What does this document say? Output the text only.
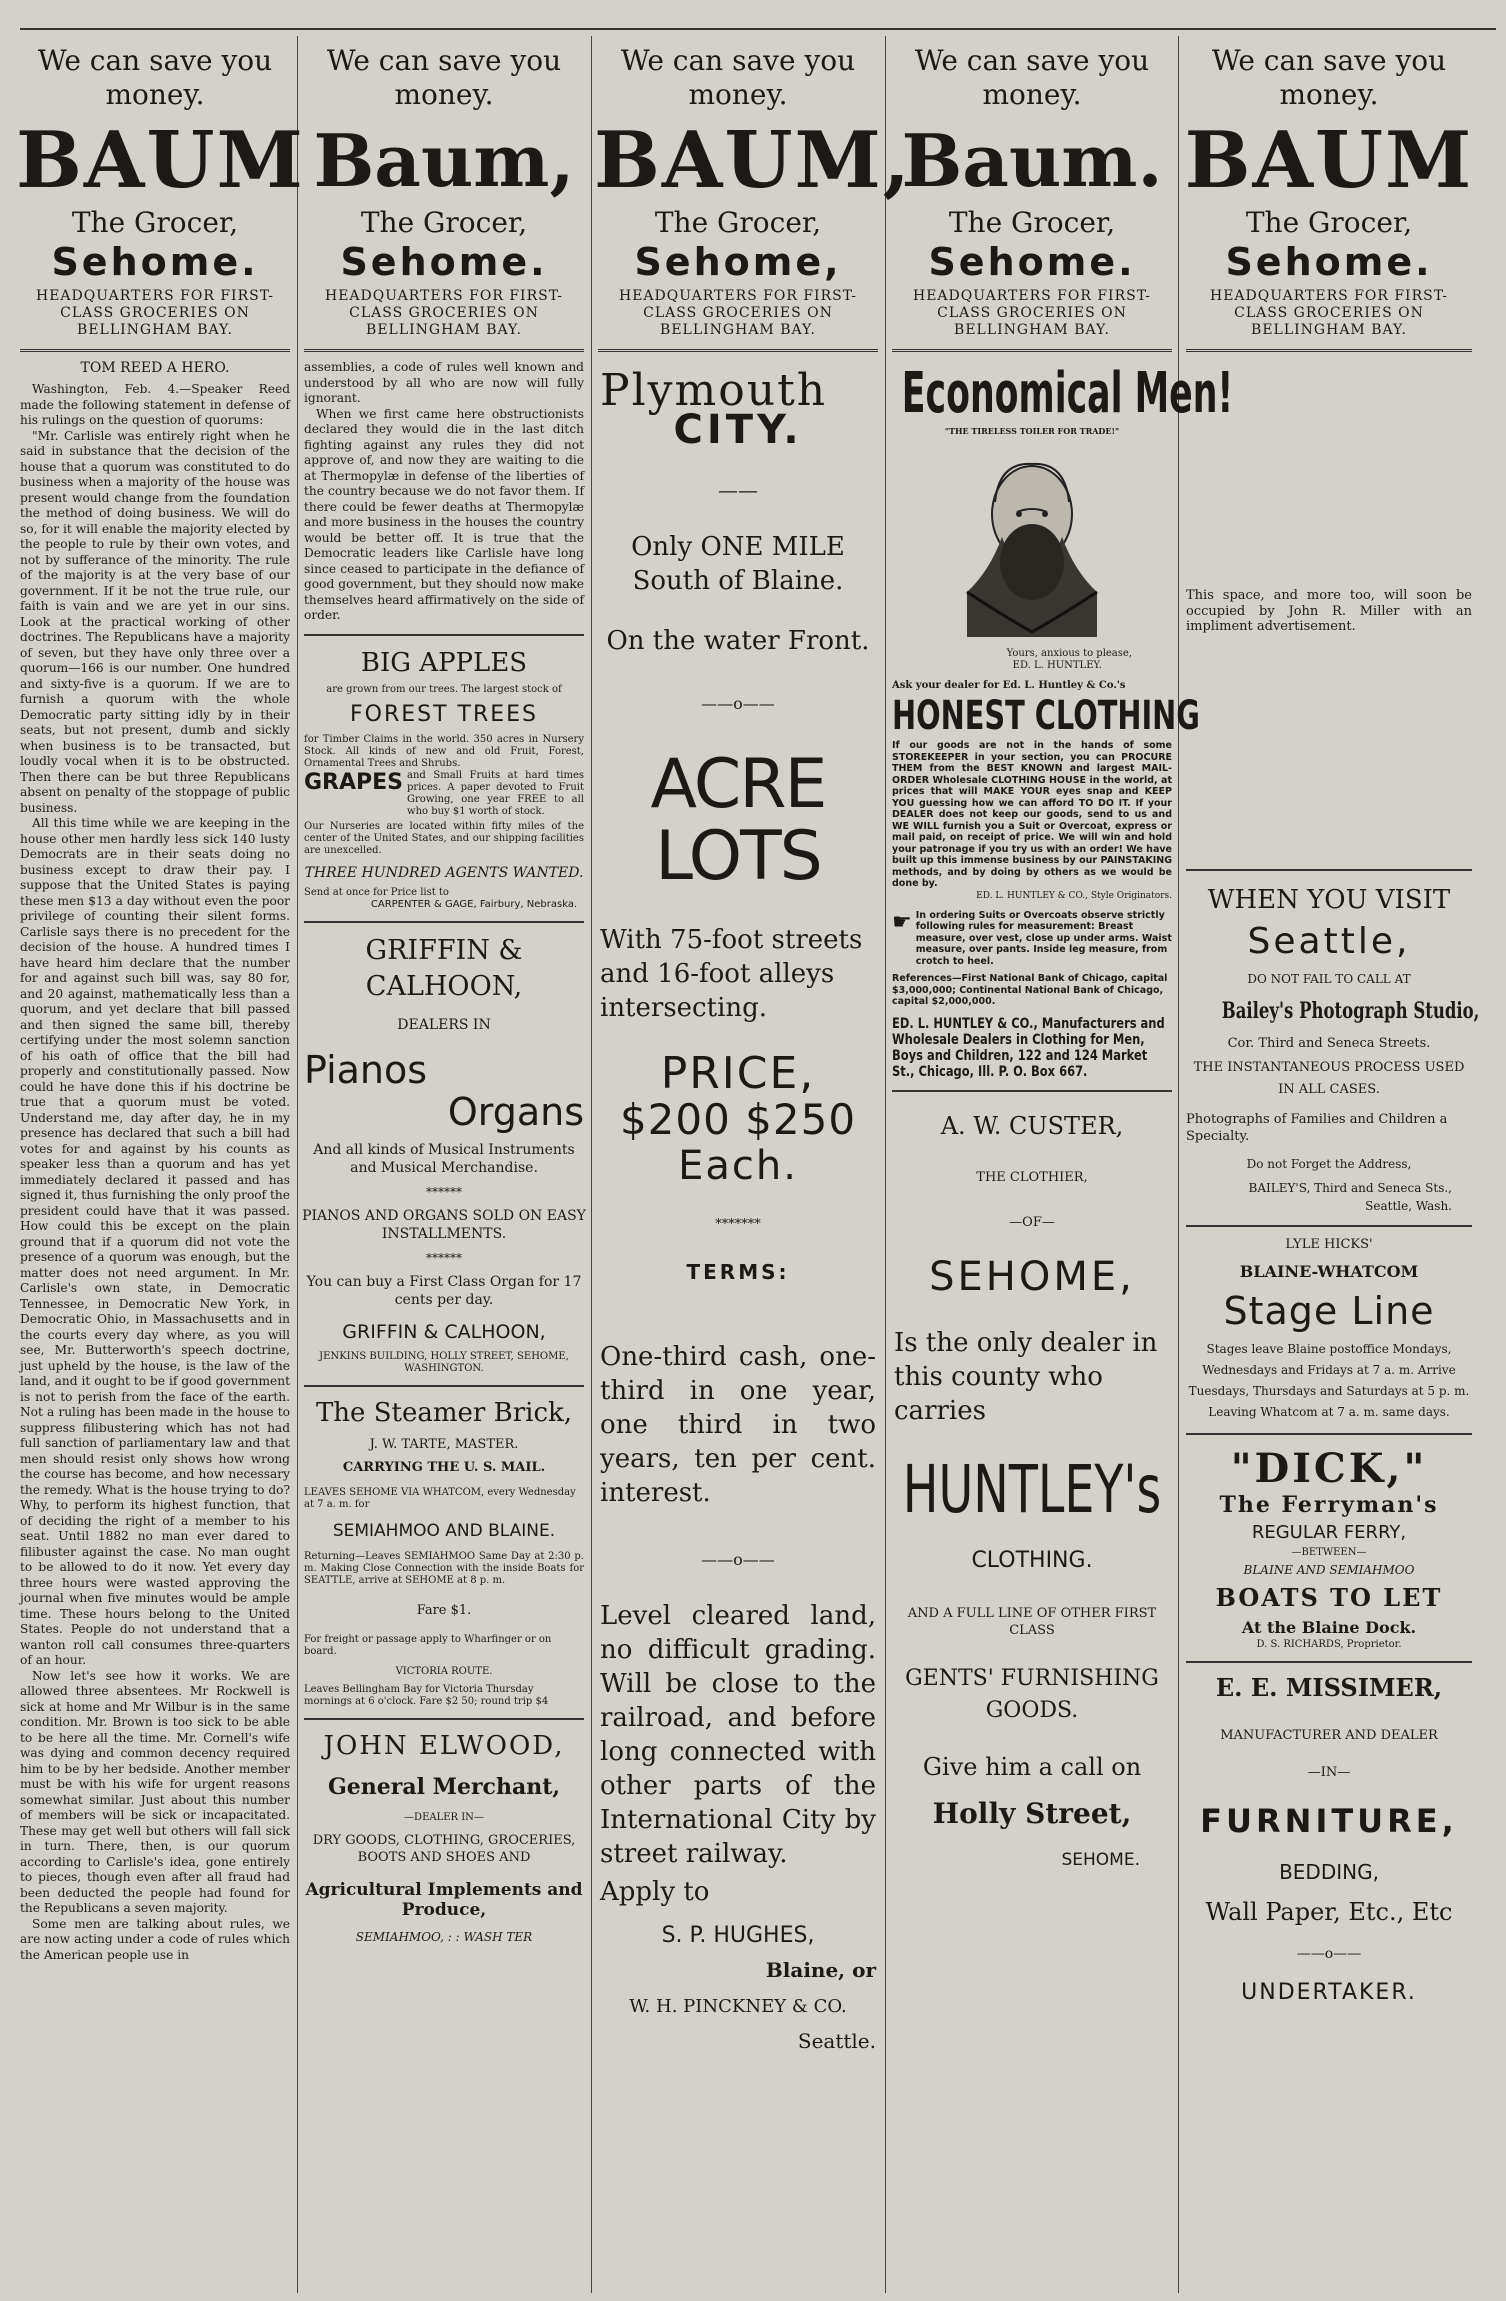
We can save you money.
BAUM
The Grocer,
Sehome.
HEADQUARTERS FOR FIRST-CLASS GROCERIES ON BELLINGHAM BAY.
TOM REED A HERO.
Washington, Feb. 4.—Speaker Reed made the following statement in defense of his rulings on the question of quorums:
"Mr. Carlisle was entirely right when he said in substance that the decision of the house that a quorum was constituted to do business when a majority of the house was present would change from the foundation the method of doing business. We will do so, for it will enable the majority elected by the people to rule by their own votes, and not by sufferance of the minority. The rule of the majority is at the very base of our government. If it be not the true rule, our faith is vain and we are yet in our sins. Look at the practical working of other doctrines. The Republicans have a majority of seven, but they have only three over a quorum—166 is our number. One hundred and sixty-five is a quorum. If we are to furnish a quorum with the whole Democratic party sitting idly by in their seats, but not present, dumb and sickly when business is to be transacted, but loudly vocal when it is to be obstructed. Then there can be but three Republicans absent on penalty of the stoppage of public business.
All this time while we are keeping in the house other men hardly less sick 140 lusty Democrats are in their seats doing no business except to draw their pay. I suppose that the United States is paying these men $13 a day without even the poor privilege of counting their silent forms. Carlisle says there is no precedent for the decision of the house. A hundred times I have heard him declare that the number for and against such bill was, say 80 for, and 20 against, mathematically less than a quorum, and yet declare that bill passed and then signed the same bill, thereby certifying under the most solemn sanction of his oath of office that the bill had properly and constitutionally passed. Now could he have done this if his doctrine be true that a quorum must be voted. Understand me, day after day, he in my presence has declared that such a bill had votes for and against by his counts as speaker less than a quorum and has yet immediately declared it passed and has signed it, thus furnishing the only proof the president could have that it was passed. How could this be except on the plain ground that if a quorum did not vote the presence of a quorum was enough, but the matter does not need argument. In Mr. Carlisle's own state, in Democratic Tennessee, in Democratic New York, in Democratic Ohio, in Massachusetts and in the courts every day where, as you will see, Mr. Butterworth's speech doctrine, just upheld by the house, is the law of the land, and it ought to be if good government is not to perish from the face of the earth. Not a ruling has been made in the house to suppress filibustering which has not had full sanction of parliamentary law and that men should resist only shows how wrong the course has become, and how necessary the remedy. What is the house trying to do? Why, to perform its highest function, that of deciding the right of a member to his seat. Until 1882 no man ever dared to filibuster against the case. No man ought to be allowed to do it now. Yet every day three hours were wasted approving the journal when five minutes would be ample time. These hours belong to the United States. People do not understand that a wanton roll call consumes three-quarters of an hour.
Now let's see how it works. We are allowed three absentees. Mr Rockwell is sick at home and Mr Wilbur is in the same condition. Mr. Brown is too sick to be able to be here all the time. Mr. Cornell's wife was dying and common decency required him to be by her bedside. Another member must be with his wife for urgent reasons somewhat similar. Just about this number of members will be sick or incapacitated. These may get well but others will fall sick in turn. There, then, is our quorum according to Carlisle's idea, gone entirely to pieces, though even after all fraud had been deducted the people had found for the Republicans a seven majority.
Some men are talking about rules, we are now acting under a code of rules which the American people use in
We can save you money.
Baum,
The Grocer,
Sehome.
HEADQUARTERS FOR FIRST-CLASS GROCERIES ON BELLINGHAM BAY.
assemblies, a code of rules well known and understood by all who are now will fully ignorant.
When we first came here obstructionists declared they would die in the last ditch fighting against any rules they did not approve of, and now they are waiting to die at Thermopylæ in defense of the liberties of the country because we do not favor them. If there could be fewer deaths at Thermopylæ and more business in the houses the country would be better off. It is true that the Democratic leaders like Carlisle have long since ceased to participate in the defiance of good government, but they should now make themselves heard affirmatively on the side of order.
BIG APPLES
are grown from our trees. The largest stock of
FOREST TREES
for Timber Claims in the world. 350 acres in Nursery Stock. All kinds of new and old Fruit, Forest, Ornamental Trees and Shrubs.
GRAPES and Small Fruits at hard times prices. A paper devoted to Fruit Growing, one year FREE to all who buy $1 worth of stock.
Our Nurseries are located within fifty miles of the center of the United States, and our shipping facilities are unexcelled.
THREE HUNDRED AGENTS WANTED.
Send at once for Price list to
CARPENTER & GAGE, Fairbury, Nebraska.
GRIFFIN & CALHOON,
DEALERS IN
Pianos
Organs
And all kinds of Musical Instruments and Musical Merchandise.
******
PIANOS AND ORGANS SOLD ON EASY INSTALLMENTS.
******
You can buy a First Class Organ for 17 cents per day.
GRIFFIN & CALHOON,
JENKINS BUILDING, HOLLY STREET, SEHOME, WASHINGTON.
The Steamer Brick,
J. W. TARTE, MASTER.
CARRYING THE U. S. MAIL.
LEAVES SEHOME VIA WHATCOM, every Wednesday at 7 a. m. for
SEMIAHMOO AND BLAINE.
Returning—Leaves SEMIAHMOO Same Day at 2:30 p. m. Making Close Connection with the inside Boats for SEATTLE, arrive at SEHOME at 8 p. m.
Fare $1.
For freight or passage apply to Wharfinger or on board.
VICTORIA ROUTE.
Leaves Bellingham Bay for Victoria Thursday mornings at 6 o'clock. Fare $2 50; round trip $4
JOHN ELWOOD,
General Merchant,
—DEALER IN—
DRY GOODS, CLOTHING, GROCERIES, BOOTS AND SHOES AND
Agricultural Implements and Produce,
SEMIAHMOO, : : WASH TER
We can save you money.
BAUM,
The Grocer,
Sehome,
HEADQUARTERS FOR FIRST-CLASS GROCERIES ON BELLINGHAM BAY.
Plymouth
CITY.
——
Only ONE MILE South of Blaine.
On the water Front.
——o——
ACRE LOTS
With 75-foot streets and 16-foot alleys intersecting.
PRICE,
$200 $250
Each.
*******
TERMS:
One-third cash, one-third in one year, one third in two years, ten per cent. interest.
——o——
Level cleared land, no difficult grading. Will be close to the railroad, and before long connected with other parts of the International City by street railway.
Apply to
S. P. HUGHES,
Blaine, or
W. H. PINCKNEY & CO.
Seattle.
We can save you money.
Baum.
The Grocer,
Sehome.
HEADQUARTERS FOR FIRST-CLASS GROCERIES ON BELLINGHAM BAY.
Economical Men!
"THE TIRELESS TOILER FOR TRADE!"
Yours, anxious to please,
ED. L. HUNTLEY.
Ask your dealer for Ed. L. Huntley & Co.'s
HONEST CLOTHING
If our goods are not in the hands of some STOREKEEPER in your section, you can PROCURE THEM from the BEST KNOWN and largest MAIL-ORDER Wholesale CLOTHING HOUSE in the world, at prices that will MAKE YOUR eyes snap and KEEP YOU guessing how we can afford TO DO IT. If your DEALER does not keep our goods, send to us and WE WILL furnish you a Suit or Overcoat, express or mail paid, on receipt of price. We will win and hold your patronage if you try us with an order! We have built up this immense business by our PAINSTAKING methods, and by doing by others as we would be done by.
ED. L. HUNTLEY & CO., Style Originators.
☛ In ordering Suits or Overcoats observe strictly following rules for measurement: Breast measure, over vest, close up under arms. Waist measure, over pants. Inside leg measure, from crotch to heel.
References—First National Bank of Chicago, capital $3,000,000; Continental National Bank of Chicago, capital $2,000,000.
ED. L. HUNTLEY & CO., Manufacturers and Wholesale Dealers in Clothing for Men, Boys and Children, 122 and 124 Market St., Chicago, Ill. P. O. Box 667.
A. W. CUSTER,
THE CLOTHIER,
—OF—
SEHOME,
Is the only dealer in this county who carries
HUNTLEY's
CLOTHING.
AND A FULL LINE OF OTHER FIRST CLASS
GENTS' FURNISHING GOODS.
Give him a call on
Holly Street,
SEHOME.
We can save you money.
BAUM
The Grocer,
Sehome.
HEADQUARTERS FOR FIRST-CLASS GROCERIES ON BELLINGHAM BAY.
This space, and more too, will soon be occupied by John R. Miller with an impliment advertisement.
WHEN YOU VISIT
Seattle,
DO NOT FAIL TO CALL AT
Bailey's Photograph Studio,
Cor. Third and Seneca Streets.
THE INSTANTANEOUS PROCESS USED IN ALL CASES.
Photographs of Families and Children a Specialty.
Do not Forget the Address,
BAILEY'S, Third and Seneca Sts., Seattle, Wash.
LYLE HICKS'
BLAINE-WHATCOM
Stage Line
Stages leave Blaine postoffice Mondays, Wednesdays and Fridays at 7 a. m. Arrive Tuesdays, Thursdays and Saturdays at 5 p. m. Leaving Whatcom at 7 a. m. same days.
"DICK,"
The Ferryman's
REGULAR FERRY,
—BETWEEN—
BLAINE AND SEMIAHMOO
BOATS TO LET
At the Blaine Dock.
D. S. RICHARDS, Proprietor.
E. E. MISSIMER,
MANUFACTURER AND DEALER
—IN—
FURNITURE,
BEDDING,
Wall Paper, Etc., Etc
——o——
UNDERTAKER.
